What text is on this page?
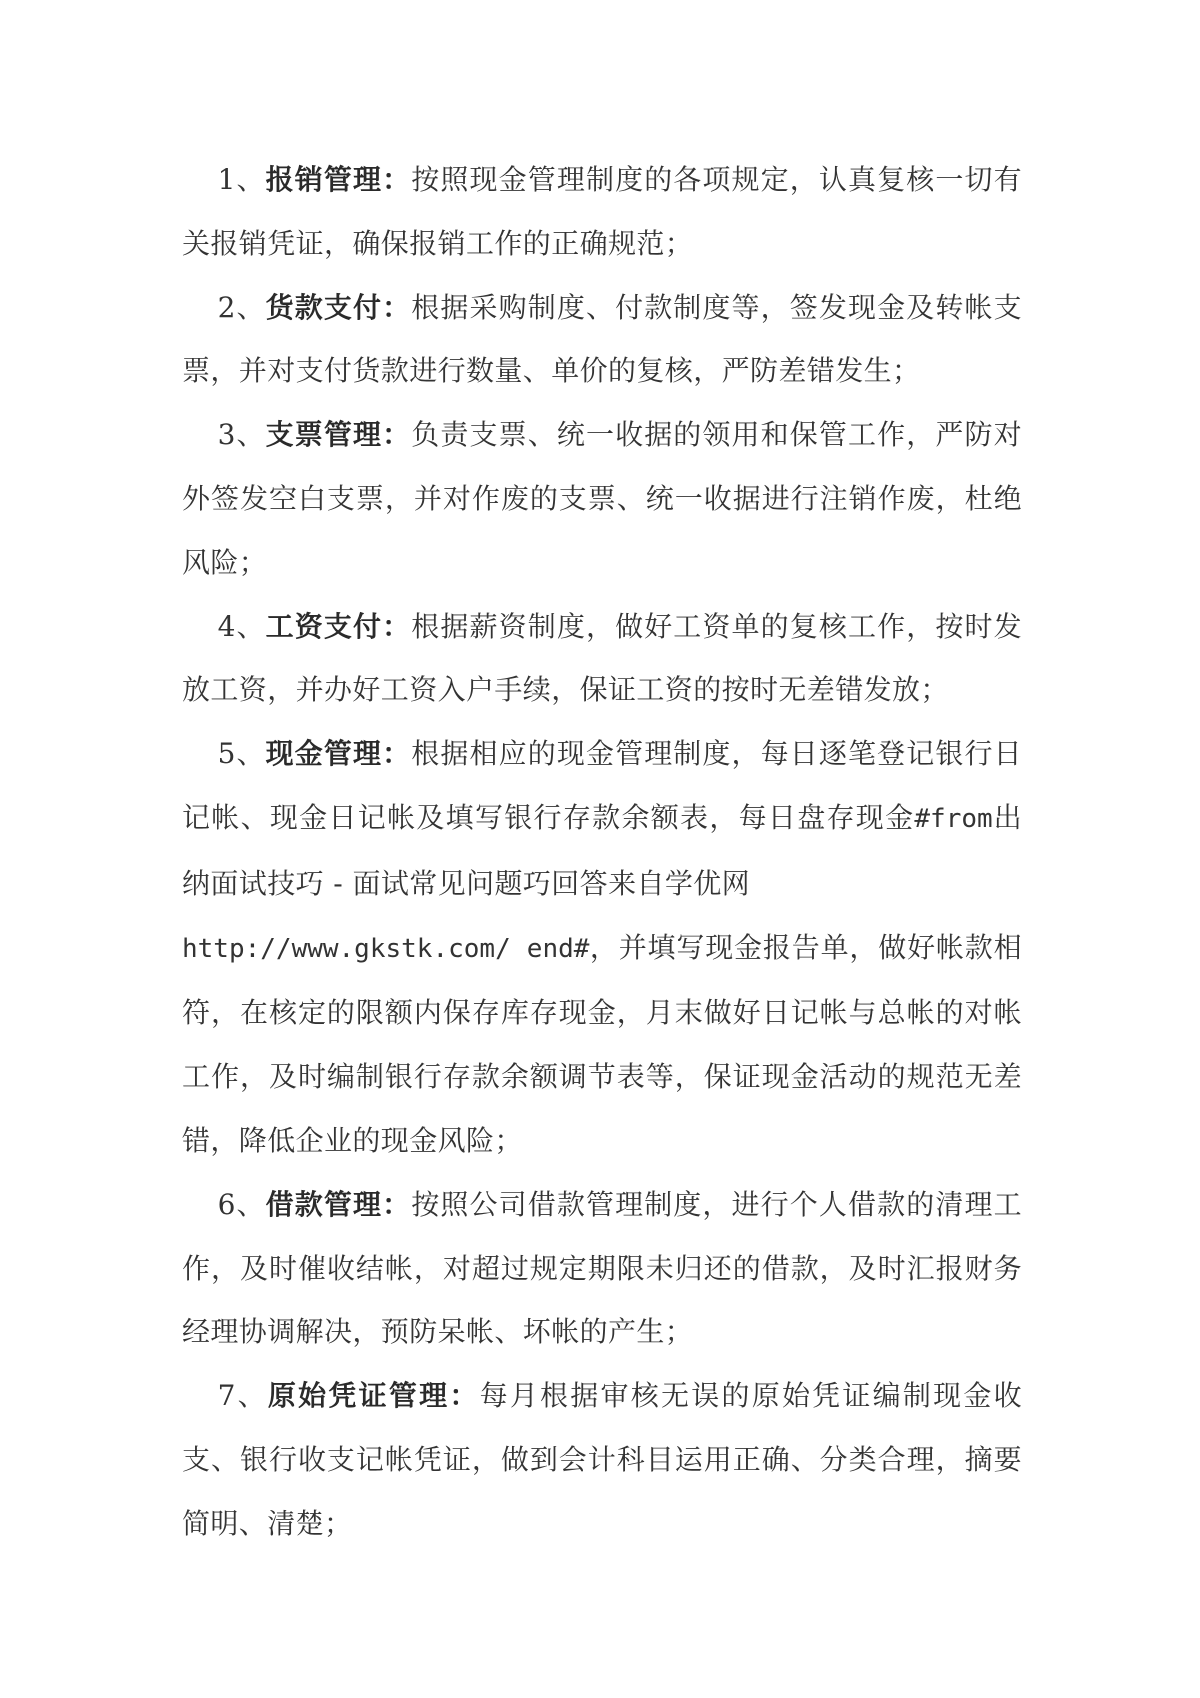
1、报销管理：按照现金管理制度的各项规定，认真复核一切有关报销凭证，确保报销工作的正确规范；

2、货款支付：根据采购制度、付款制度等，签发现金及转帐支票，并对支付货款进行数量、单价的复核，严防差错发生；

3、支票管理：负责支票、统一收据的领用和保管工作，严防对外签发空白支票，并对作废的支票、统一收据进行注销作废，杜绝风险；

4、工资支付：根据薪资制度，做好工资单的复核工作，按时发放工资，并办好工资入户手续，保证工资的按时无差错发放；

5、现金管理：根据相应的现金管理制度，每日逐笔登记银行日记帐、现金日记帐及填写银行存款余额表，每日盘存现金#from出纳面试技巧 - 面试常见问题巧回答来自学优网
http://www.gkstk.com/ end#，并填写现金报告单，做好帐款相符，在核定的限额内保存库存现金，月末做好日记帐与总帐的对帐工作，及时编制银行存款余额调节表等，保证现金活动的规范无差错，降低企业的现金风险；

6、借款管理：按照公司借款管理制度，进行个人借款的清理工作，及时催收结帐，对超过规定期限未归还的借款，及时汇报财务经理协调解决，预防呆帐、坏帐的产生；

7、原始凭证管理：每月根据审核无误的原始凭证编制现金收支、银行收支记帐凭证，做到会计科目运用正确、分类合理，摘要简明、清楚；
